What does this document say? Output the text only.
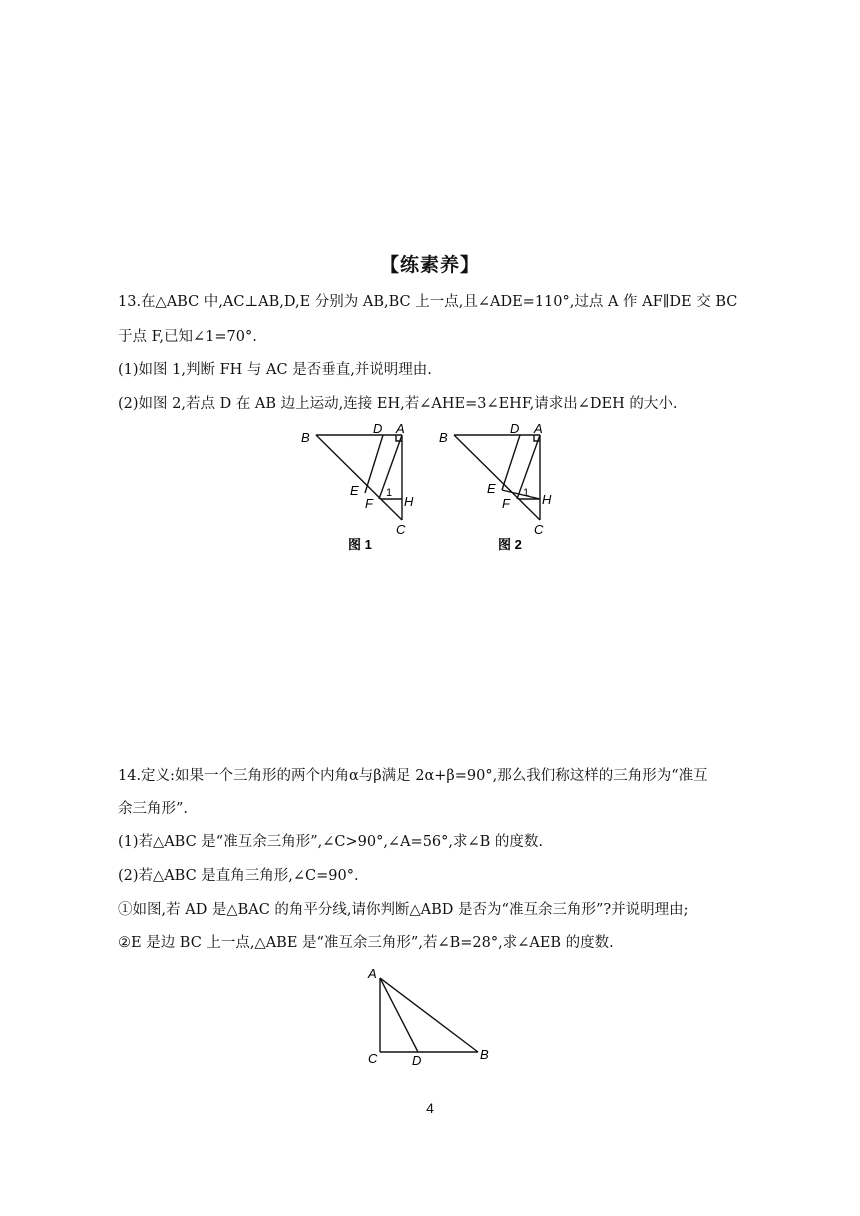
【练素养】
13.在△ABC 中,AC⊥AB,D,E 分别为 AB,BC 上一点,且∠ADE=110°,过点 A 作 AF∥DE 交 BC
于点 F,已知∠1=70°.
(1)如图 1,判断 FH 与 AC 是否垂直,并说明理由.
(2)如图 2,若点 D 在 AB 边上运动,连接 EH,若∠AHE=3∠EHF,请求出∠DEH 的大小.
B
D A
E
F
1
H
C
图 1
B
D A
E
F
1 H
C
图 2
14.定义:如果一个三角形的两个内角α与β满足 2α+β=90°,那么我们称这样的三角形为“准互
余三角形”.
(1)若△ABC 是“准互余三角形”,∠C>90°,∠A=56°,求∠B 的度数.
(2)若△ABC 是直角三角形,∠C=90°.
①如图,若 AD 是△BAC 的角平分线,请你判断△ABD 是否为“准互余三角形”?并说明理由;
②E 是边 BC 上一点,△ABE 是“准互余三角形”,若∠B=28°,求∠AEB 的度数.
A
C	D	B
4
